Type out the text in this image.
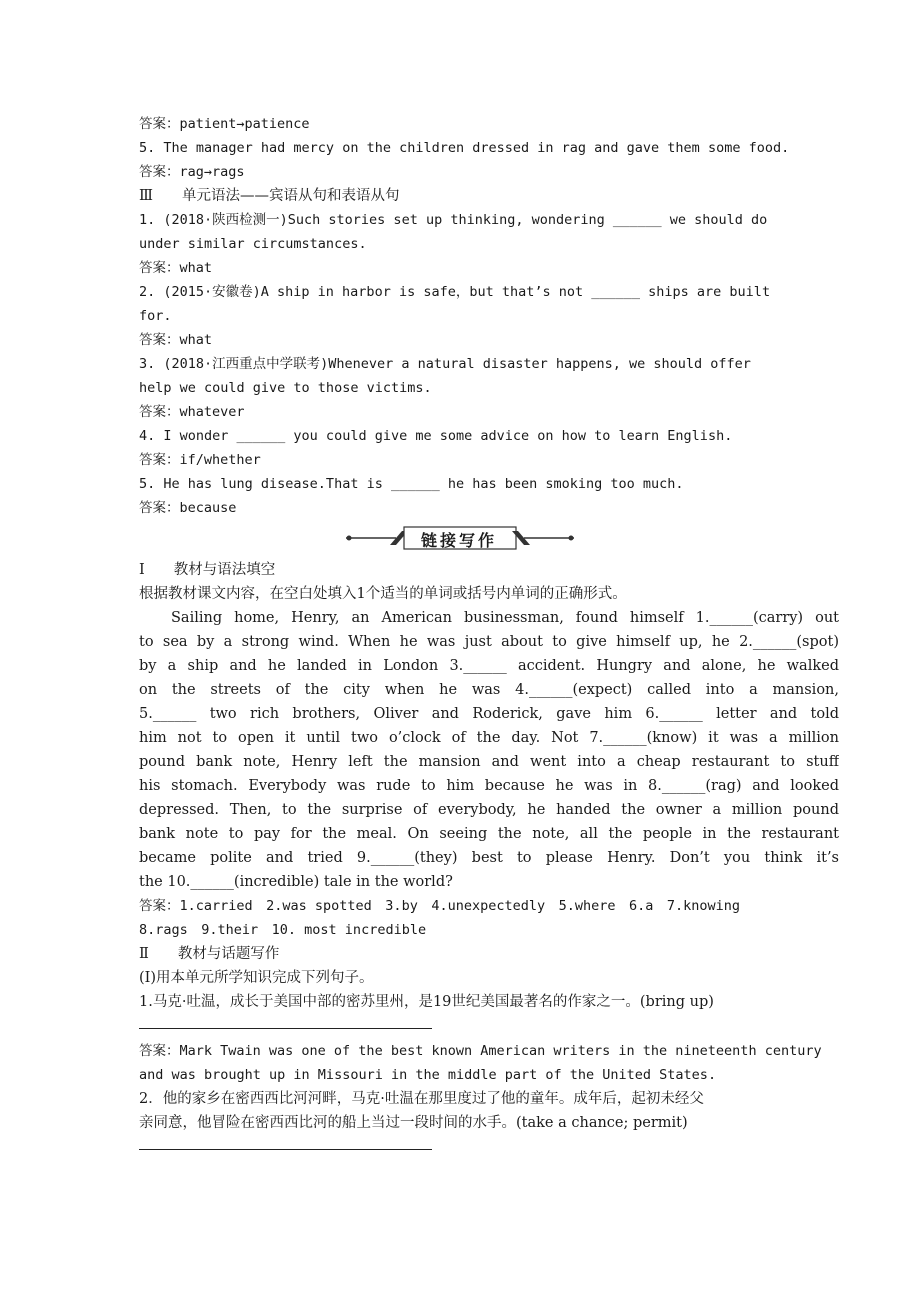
答案：patient→patience
5. The manager had mercy on the children dressed in rag and gave them some food.
答案：rag→rags
Ⅲ　　单元语法——宾语从句和表语从句
1. (2018·陕西检测一)Such stories set up thinking, wondering ______ we should do
under similar circumstances.
答案：what
2. (2015·安徽卷)A ship in harbor is safe，but that’s not ______ ships are built
for.
答案：what
3. (2018·江西重点中学联考)Whenever a natural disaster happens, we should offer
help we could give to those victims.
答案：whatever
4. I wonder ______ you could give me some advice on how to learn English.
答案：if/whether
5. He has lung disease.That is ______ he has been smoking too much.
答案：because
链接写作
Ⅰ　　教材与语法填空
根据教材课文内容，在空白处填入1个适当的单词或括号内单词的正确形式。
Sailing home, Henry, an American businessman, found himself 1.______(carry) out
to sea by a strong wind. When he was just about to give himself up, he 2.______(spot)
by a ship and he landed in London 3.______ accident. Hungry and alone, he walked
on the streets of the city when he was 4.______(expect) called into a mansion,
5.______ two rich brothers, Oliver and Roderick, gave him 6.______ letter and told
him not to open it until two o’clock of the day. Not 7.______(know) it was a million
pound bank note, Henry left the mansion and went into a cheap restaurant to stuff
his stomach. Everybody was rude to him because he was in 8.______(rag) and looked
depressed. Then, to the surprise of everybody, he handed the owner a million pound
bank note to pay for the meal. On seeing the note, all the people in the restaurant
became polite and tried 9.______(they) best to please Henry. Don’t you think it’s
the 10.______(incredible) tale in the world?
答案：1.carried　2.was spotted　3.by　4.unexpectedly　5.where　6.a　7.knowing
8.rags　9.their　10. most incredible
Ⅱ　　教材与话题写作
(Ⅰ)用本单元所学知识完成下列句子。
1.马克·吐温，成长于美国中部的密苏里州，是19世纪美国最著名的作家之一。(bring up)
答案：Mark Twain was one of the best known American writers in the nineteenth century
and was brought up in Missouri in the middle part of the United States.
2．他的家乡在密西西比河河畔，马克·吐温在那里度过了他的童年。成年后，起初未经父
亲同意，他冒险在密西西比河的船上当过一段时间的水手。(take a chance; permit)
